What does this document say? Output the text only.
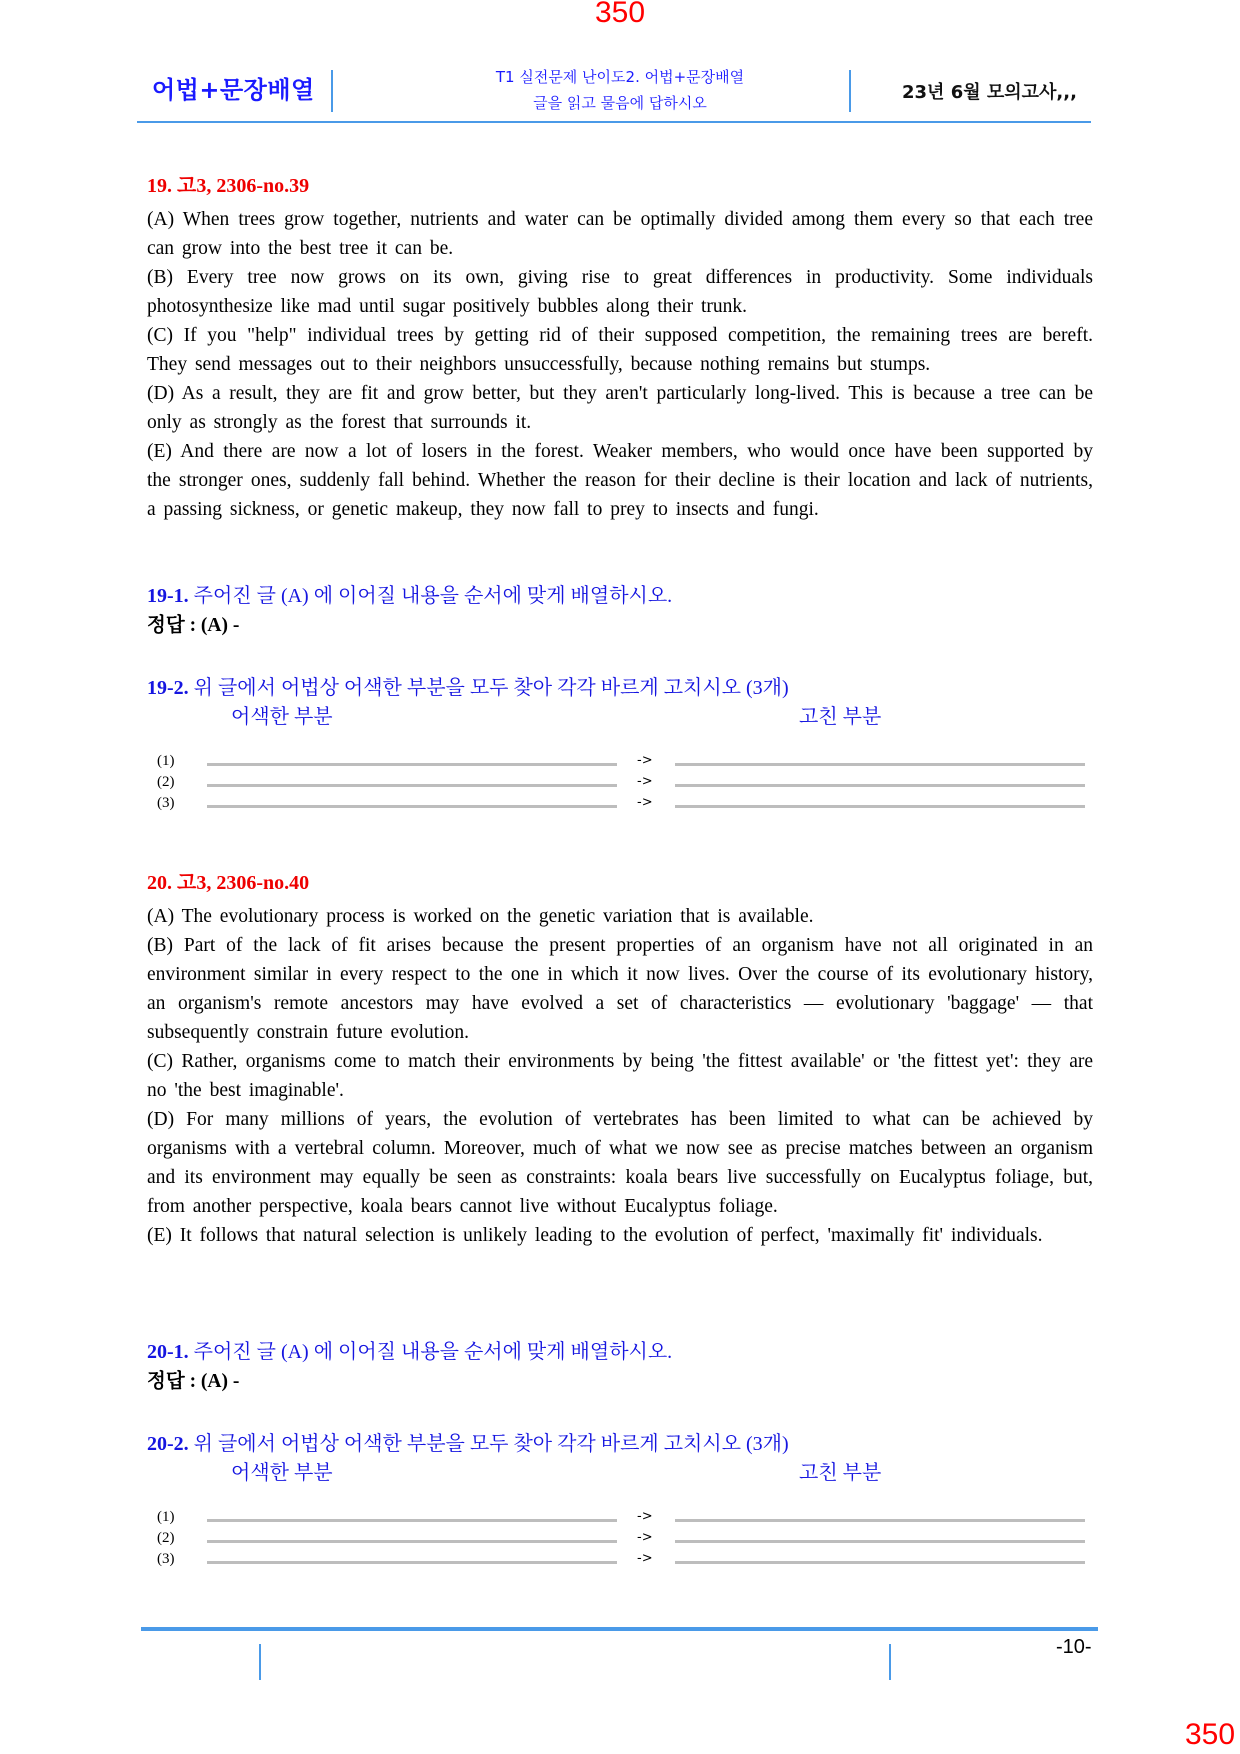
350
어법+문장배열	T1 실전문제 난이도2. 어법+문장배열
글을 읽고 물음에 답하시오	23년 6월 모의고사,,,

19. 고3, 2306-no.39

(A) When trees grow together, nutrients and water can be optimally divided among them every so that each tree can grow into the best tree it can be.

(B) Every tree now grows on its own, giving rise to great differences in productivity. Some individuals photosynthesize like mad until sugar positively bubbles along their trunk.

(C) If you "help" individual trees by getting rid of their supposed competition, the remaining trees are bereft. They send messages out to their neighbors unsuccessfully, because nothing remains but stumps.

(D) As a result, they are fit and grow better, but they aren't particularly long-lived. This is because a tree can be only as strongly as the forest that surrounds it.

(E) And there are now a lot of losers in the forest. Weaker members, who would once have been supported by the stronger ones, suddenly fall behind. Whether the reason for their decline is their location and lack of nutrients, a passing sickness, or genetic makeup, they now fall to prey to insects and fungi.

19-1. 주어진 글 (A) 에 이어질 내용을 순서에 맞게 배열하시오.

정답 : (A) -

19-2. 위 글에서 어법상 어색한 부분을 모두 찾아 각각 바르게 고치시오 (3개)

어색한 부분	고친 부분
(1)	->
(2)	->
(3)	->

20. 고3, 2306-no.40

(A) The evolutionary process is worked on the genetic variation that is available.

(B) Part of the lack of fit arises because the present properties of an organism have not all originated in an environment similar in every respect to the one in which it now lives. Over the course of its evolutionary history, an organism's remote ancestors may have evolved a set of characteristics — evolutionary 'baggage' — that subsequently constrain future evolution.

(C) Rather, organisms come to match their environments by being 'the fittest available' or 'the fittest yet': they are no 'the best imaginable'.

(D) For many millions of years, the evolution of vertebrates has been limited to what can be achieved by organisms with a vertebral column. Moreover, much of what we now see as precise matches between an organism and its environment may equally be seen as constraints: koala bears live successfully on Eucalyptus foliage, but, from another perspective, koala bears cannot live without Eucalyptus foliage.

(E) It follows that natural selection is unlikely leading to the evolution of perfect, 'maximally fit' individuals.

20-1. 주어진 글 (A) 에 이어질 내용을 순서에 맞게 배열하시오.

정답 : (A) -

20-2. 위 글에서 어법상 어색한 부분을 모두 찾아 각각 바르게 고치시오 (3개)

어색한 부분	고친 부분
(1)	->
(2)	->
(3)	->
-10-
350
